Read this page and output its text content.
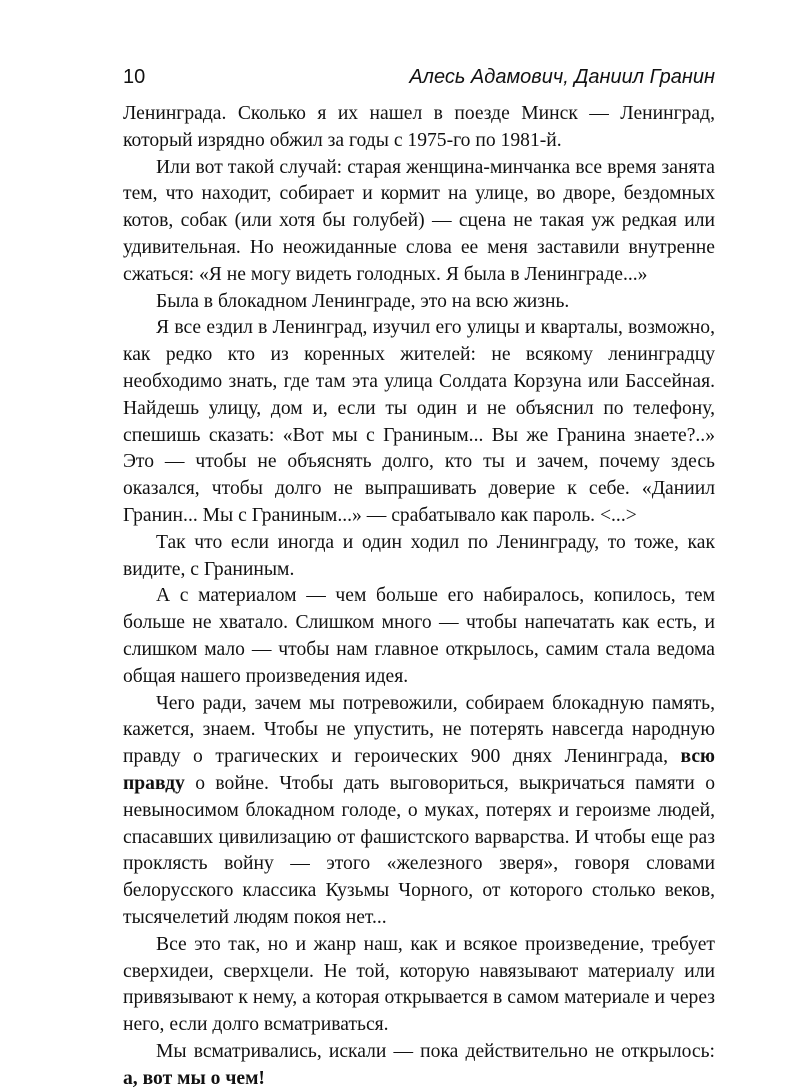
10	Алесь Адамович, Даниил Гранин

Ленинграда. Сколько я их нашел в поезде Минск — Ленинград, который изрядно обжил за годы с 1975-го по 1981-й.

Или вот такой случай: старая женщина-минчанка все время занята тем, что находит, собирает и кормит на улице, во дворе, бездомных котов, собак (или хотя бы голубей) — сцена не такая уж редкая или удивительная. Но неожиданные слова ее меня заставили внутренне сжаться: «Я не могу видеть голодных. Я была в Ленинграде...»

Была в блокадном Ленинграде, это на всю жизнь.

Я все ездил в Ленинград, изучил его улицы и кварталы, возможно, как редко кто из коренных жителей: не всякому ленинградцу необходимо знать, где там эта улица Солдата Корзуна или Бассейная. Найдешь улицу, дом и, если ты один и не объяснил по телефону, спешишь сказать: «Вот мы с Граниным... Вы же Гранина знаете?..» Это — чтобы не объяснять долго, кто ты и зачем, почему здесь оказался, чтобы долго не выпрашивать доверие к себе. «Даниил Гранин... Мы с Граниным...» — срабатывало как пароль. <...>

Так что если иногда и один ходил по Ленинграду, то тоже, как видите, с Граниным.

А с материалом — чем больше его набиралось, копилось, тем больше не хватало. Слишком много — чтобы напечатать как есть, и слишком мало — чтобы нам главное открылось, самим стала ведома общая нашего произведения идея.

Чего ради, зачем мы потревожили, собираем блокадную память, кажется, знаем. Чтобы не упустить, не потерять навсегда народную правду о трагических и героических 900 днях Ленинграда, всю правду о войне. Чтобы дать выговориться, выкричаться памяти о невыносимом блокадном голоде, о муках, потерях и героизме людей, спасавших цивилизацию от фашистского варварства. И чтобы еще раз проклясть войну — этого «железного зверя», говоря словами белорусского классика Кузьмы Чорного, от которого столько веков, тысячелетий людям покоя нет...

Все это так, но и жанр наш, как и всякое произведение, требует сверхидеи, сверхцели. Не той, которую навязывают материалу или привязывают к нему, а которая открывается в самом материале и через него, если долго всматриваться.

Мы всматривались, искали — пока действительно не открылось: а, вот мы о чем!
